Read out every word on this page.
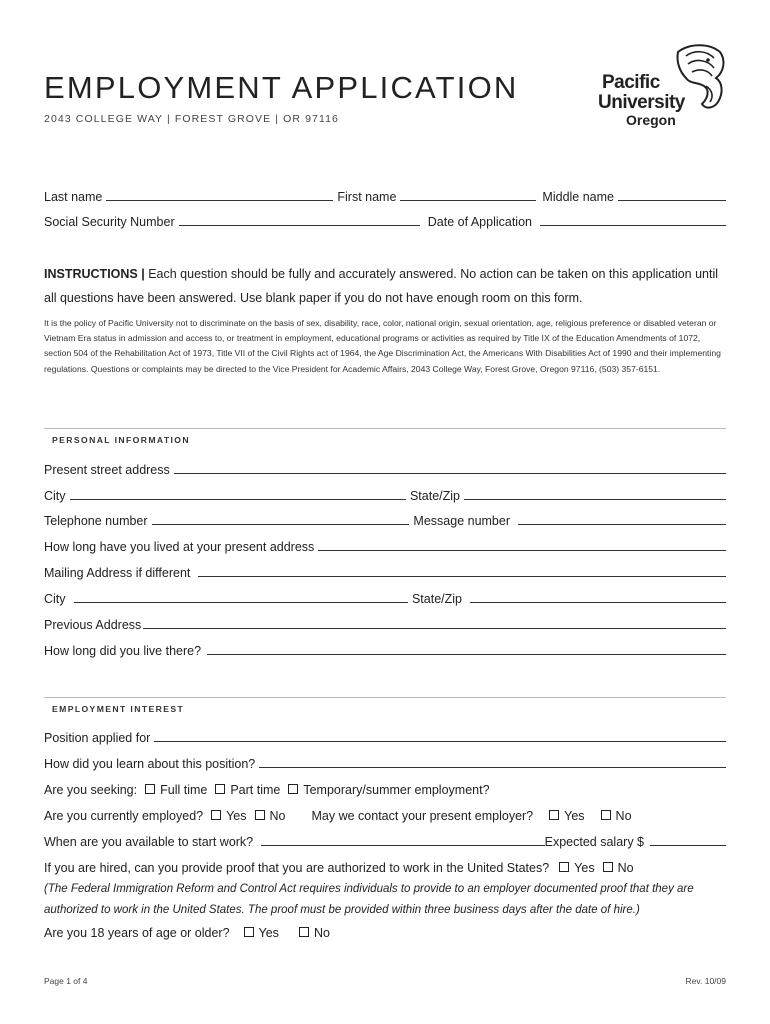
EMPLOYMENT APPLICATION
2043 COLLEGE WAY | FOREST GROVE | OR 97116
Pacific
University
Oregon
Last name	First name	Middle name
Social Security Number	Date of Application
INSTRUCTIONS | Each question should be fully and accurately answered. No action can be taken on this application until all questions have been answered. Use blank paper if you do not have enough room on this form.
It is the policy of Pacific University not to discriminate on the basis of sex, disability, race, color, national origin, sexual orientation, age, religious preference or disabled veteran or Vietnam Era status in admission and access to, or treatment in employment, educational programs or activities as required by Title IX of the Education Amendments of 1072, section 504 of the Rehabilitation Act of 1973, Title VII of the Civil Rights act of 1964, the Age Discrimination Act, the Americans With Disabilities Act of 1990 and their implementing regulations. Questions or complaints may be directed to the Vice President for Academic Affairs, 2043 College Way, Forest Grove, Oregon 97116, (503) 357-6151.
PERSONAL INFORMATION
Present street address
City	State/Zip
Telephone number	Message number
How long have you lived at your present address
Mailing Address if different
City	State/Zip
Previous Address
How long did you live there?
EMPLOYMENT INTEREST
Position applied for
How did you learn about this position?
Are you seeking: Full time Part time Temporary/summer employment?
Are you currently employed? Yes No May we contact your present employer? Yes No
When are you available to start work?	Expected salary $
If you are hired, can you provide proof that you are authorized to work in the United States? Yes No
(The Federal Immigration Reform and Control Act requires individuals to provide to an employer documented proof that they are authorized to work in the United States. The proof must be provided within three business days after the date of hire.)
Are you 18 years of age or older? Yes	No
Page 1 of 4	Rev. 10/09
